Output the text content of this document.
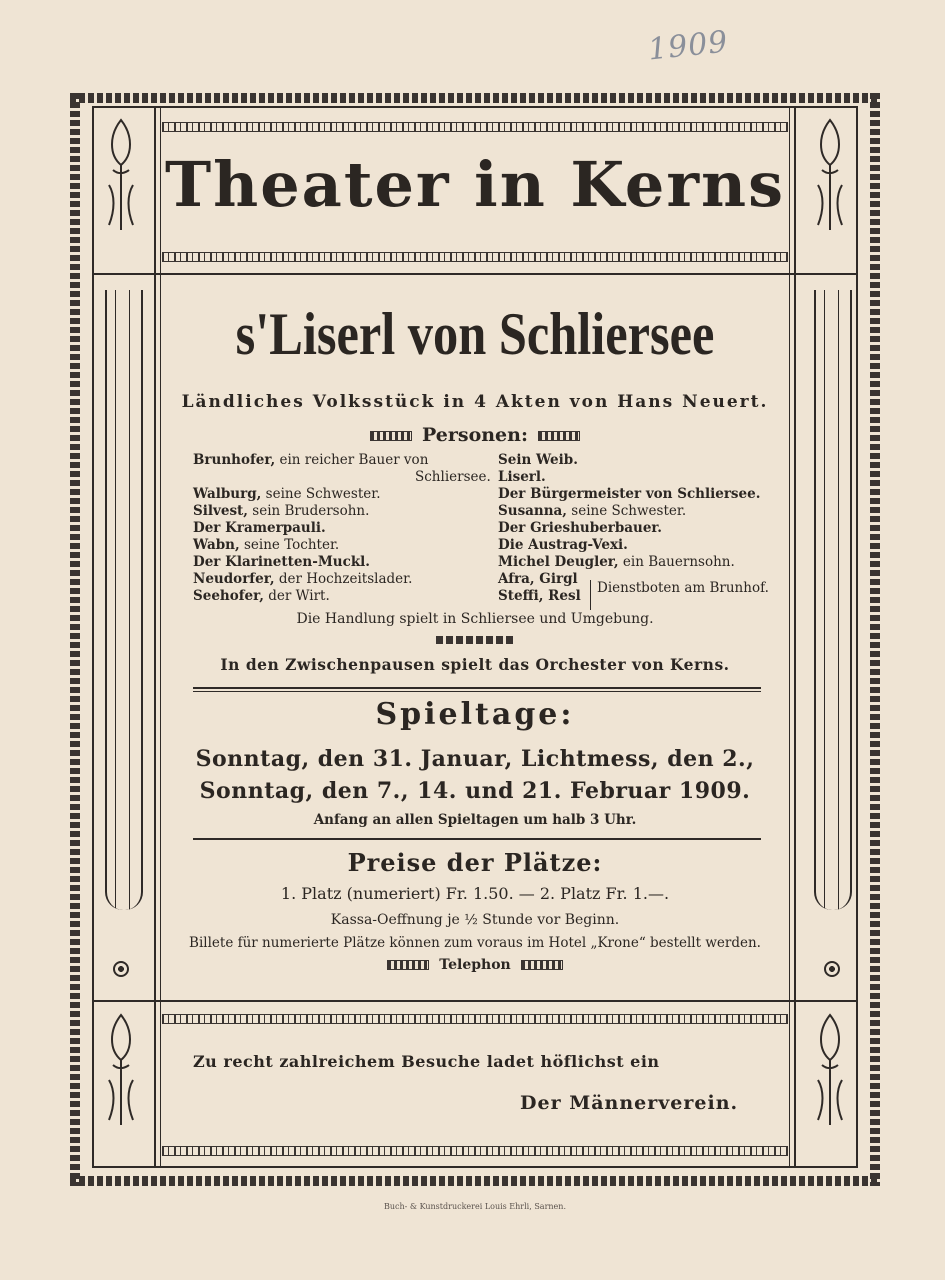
1909
Theater in Kerns
s'Liserl von Schliersee
Ländliches Volksstück in 4 Akten von Hans Neuert.
Personen:
Brunhofer, ein reicher Bauer von
Schliersee.
Walburg, seine Schwester.
Silvest, sein Brudersohn.
Der Kramerpauli.
Wabn, seine Tochter.
Der Klarinetten-Muckl.
Neudorfer, der Hochzeitslader.
Seehofer, der Wirt.
Sein Weib.
Liserl.
Der Bürgermeister von Schliersee.
Susanna, seine Schwester.
Der Grieshuberbauer.
Die Austrag-Vexi.
Michel Deugler, ein Bauernsohn.
Afra, Girgl
Steffi, Resl	Dienstboten am Brunhof.
Die Handlung spielt in Schliersee und Umgebung.
In den Zwischenpausen spielt das Orchester von Kerns.
Spieltage:
Sonntag, den 31. Januar, Lichtmess, den 2.,
Sonntag, den 7., 14. und 21. Februar 1909.
Anfang an allen Spieltagen um halb 3 Uhr.
Preise der Plätze:
1. Platz (numeriert) Fr. 1.50. — 2. Platz Fr. 1.—.
Kassa-Oeffnung je ½ Stunde vor Beginn.
Billete für numerierte Plätze können zum voraus im Hotel „Krone“ bestellt werden.
Telephon
Zu recht zahlreichem Besuche ladet höflichst ein
Der Männerverein.
Buch- & Kunstdruckerei Louis Ehrli, Sarnen.
